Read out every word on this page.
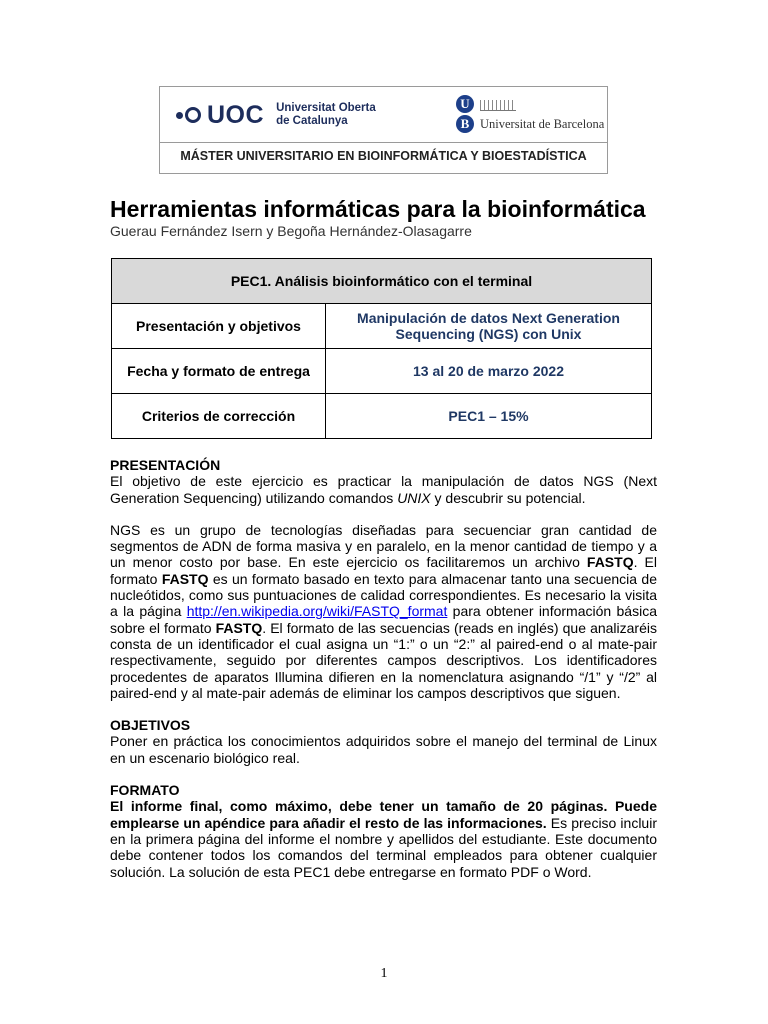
UOC Universitat Oberta
de Catalunya
U
B Universitat de Barcelona
MÁSTER UNIVERSITARIO EN BIOINFORMÁTICA Y BIOESTADÍSTICA
Herramientas informáticas para la bioinformática
Guerau Fernández Isern y Begoña Hernández-Olasagarre
PEC1. Análisis bioinformático con el terminal	
Presentación y objetivos	Manipulación de datos Next Generation Sequencing (NGS) con Unix
Fecha y formato de entrega	13 al 20 de marzo 2022
Criterios de corrección	PEC1 – 15%
PRESENTACIÓN

El objetivo de este ejercicio es practicar la manipulación de datos NGS (Next Generation Sequencing) utilizando comandos UNIX y descubrir su potencial.

NGS es un grupo de tecnologías diseñadas para secuenciar gran cantidad de segmentos de ADN de forma masiva y en paralelo, en la menor cantidad de tiempo y a un menor costo por base. En este ejercicio os facilitaremos un archivo FASTQ. El formato FASTQ es un formato basado en texto para almacenar tanto una secuencia de nucleótidos, como sus puntuaciones de calidad correspondientes. Es necesario la visita a la página http://en.wikipedia.org/wiki/FASTQ_format para obtener información básica sobre el formato FASTQ. El formato de las secuencias (reads en inglés) que analizaréis consta de un identificador el cual asigna un “1:” o un “2:” al paired-end o al mate-pair respectivamente, seguido por diferentes campos descriptivos. Los identificadores procedentes de aparatos Illumina difieren en la nomenclatura asignando “/1” y “/2” al paired-end y al mate-pair además de eliminar los campos descriptivos que siguen.

OBJETIVOS

Poner en práctica los conocimientos adquiridos sobre el manejo del terminal de Linux en un escenario biológico real.

FORMATO

El informe final, como máximo, debe tener un tamaño de 20 páginas. Puede emplearse un apéndice para añadir el resto de las informaciones. Es preciso incluir en la primera página del informe el nombre y apellidos del estudiante. Este documento debe contener todos los comandos del terminal empleados para obtener cualquier solución. La solución de esta PEC1 debe entregarse en formato PDF o Word.

1
